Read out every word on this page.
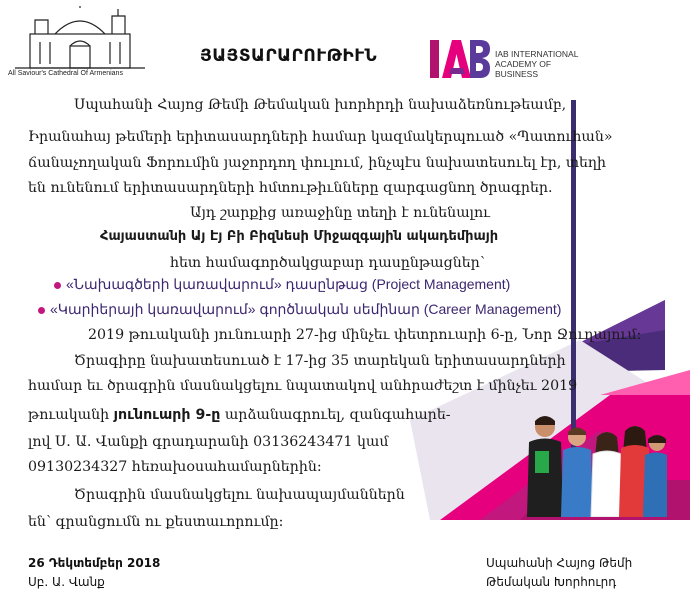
All Saviour's Cathedral Of Armenians
ՅԱՅՏԱՐԱՐՈՒԹԻՒՆ	IAB INTERNATIONAL
ACADEMY OF
BUSINESS
Սպահանի Հայոց Թեմի Թեմական խորհրդի նախաձեռնութեամբ,
Իրանահայ թեմերի երիտասարդների համար կազմակերպուած «Պատուհան»
ճանաչողական Ֆորումին յաջորդող փուլում, ինչպէս նախատեսուել էր, տեղի
են ունենում երիտասարդների հմտութիւնները զարգացնող ծրագրեր.
Այդ շարքից առաջինը տեղի է ունենալու
Հայաստանի Այ Էյ Բի Բիզնեսի Միջազգային ակադեմիայի
հետ համագործակցաբար դասընթացներ՝
«Նախագծերի կառավարում» դասընթաց (Project Management)
«Կարիերայի կառավարում» գործնական սեմինար (Career Management)
2019 թուականի յունուարի 27-ից մինչեւ փետրուարի 6-ը, Նոր Ջուղայում:
Ծրագիրը նախատեսուած է 17-ից 35 տարեկան երիտասարդների
համար եւ ծրագրին մասնակցելու նպատակով անհրաժեշտ է մինչեւ 2019
թուականի յունուարի 9-ը արձանագրուել, զանգահարե-
լով Ս. Ա. Վանքի գրադարանի 03136243471 կամ
09130234327 հեռախօսահամարներին:
Ծրագրին մասնակցելու նախապայմաններն
են՝ գրանցումն ու քեստաւորումը:
26 Դեկտեմբեր 2018
Սբ. Ա. Վանք
Սպահանի Հայոց Թեմի
Թեմական Խորհուրդ
